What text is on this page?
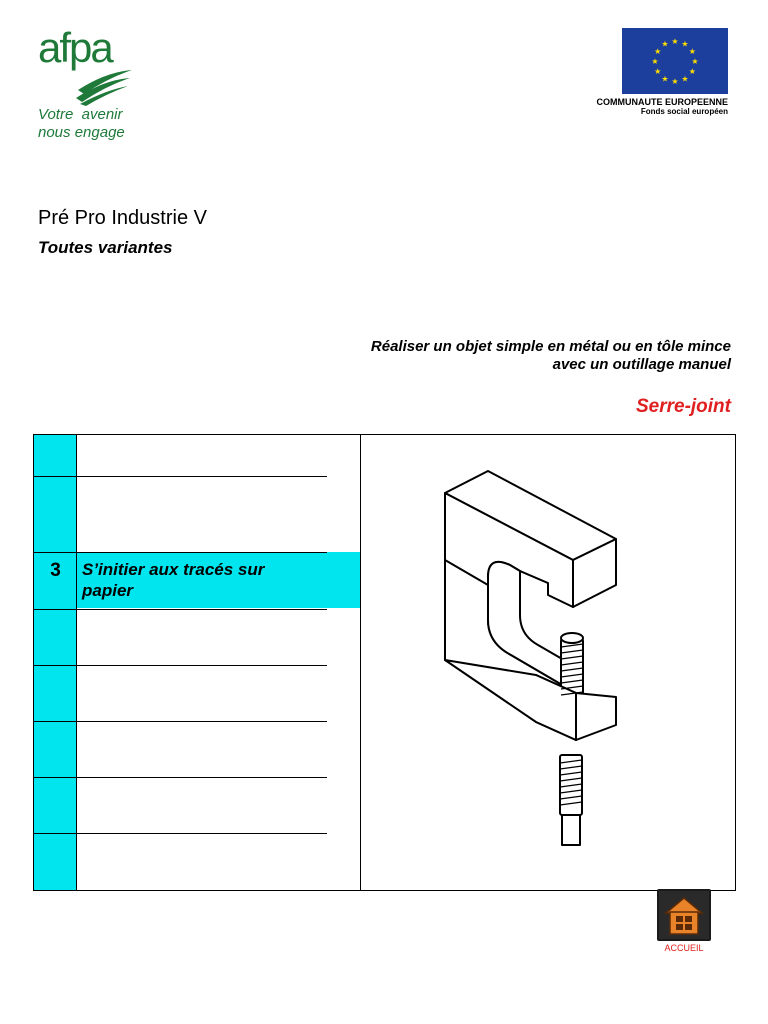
afpa
Votre  avenir
nous engage
★ ★
★
★
★
★
★
★
★
★
★
★
COMMUNAUTE EUROPEENNE
Fonds social européen
Pré Pro Industrie V
Toutes variantes
Réaliser un objet simple en métal ou en tôle mince
avec un outillage manuel
Serre-joint
3	S’initier aux tracés sur
papier
ACCUEIL
